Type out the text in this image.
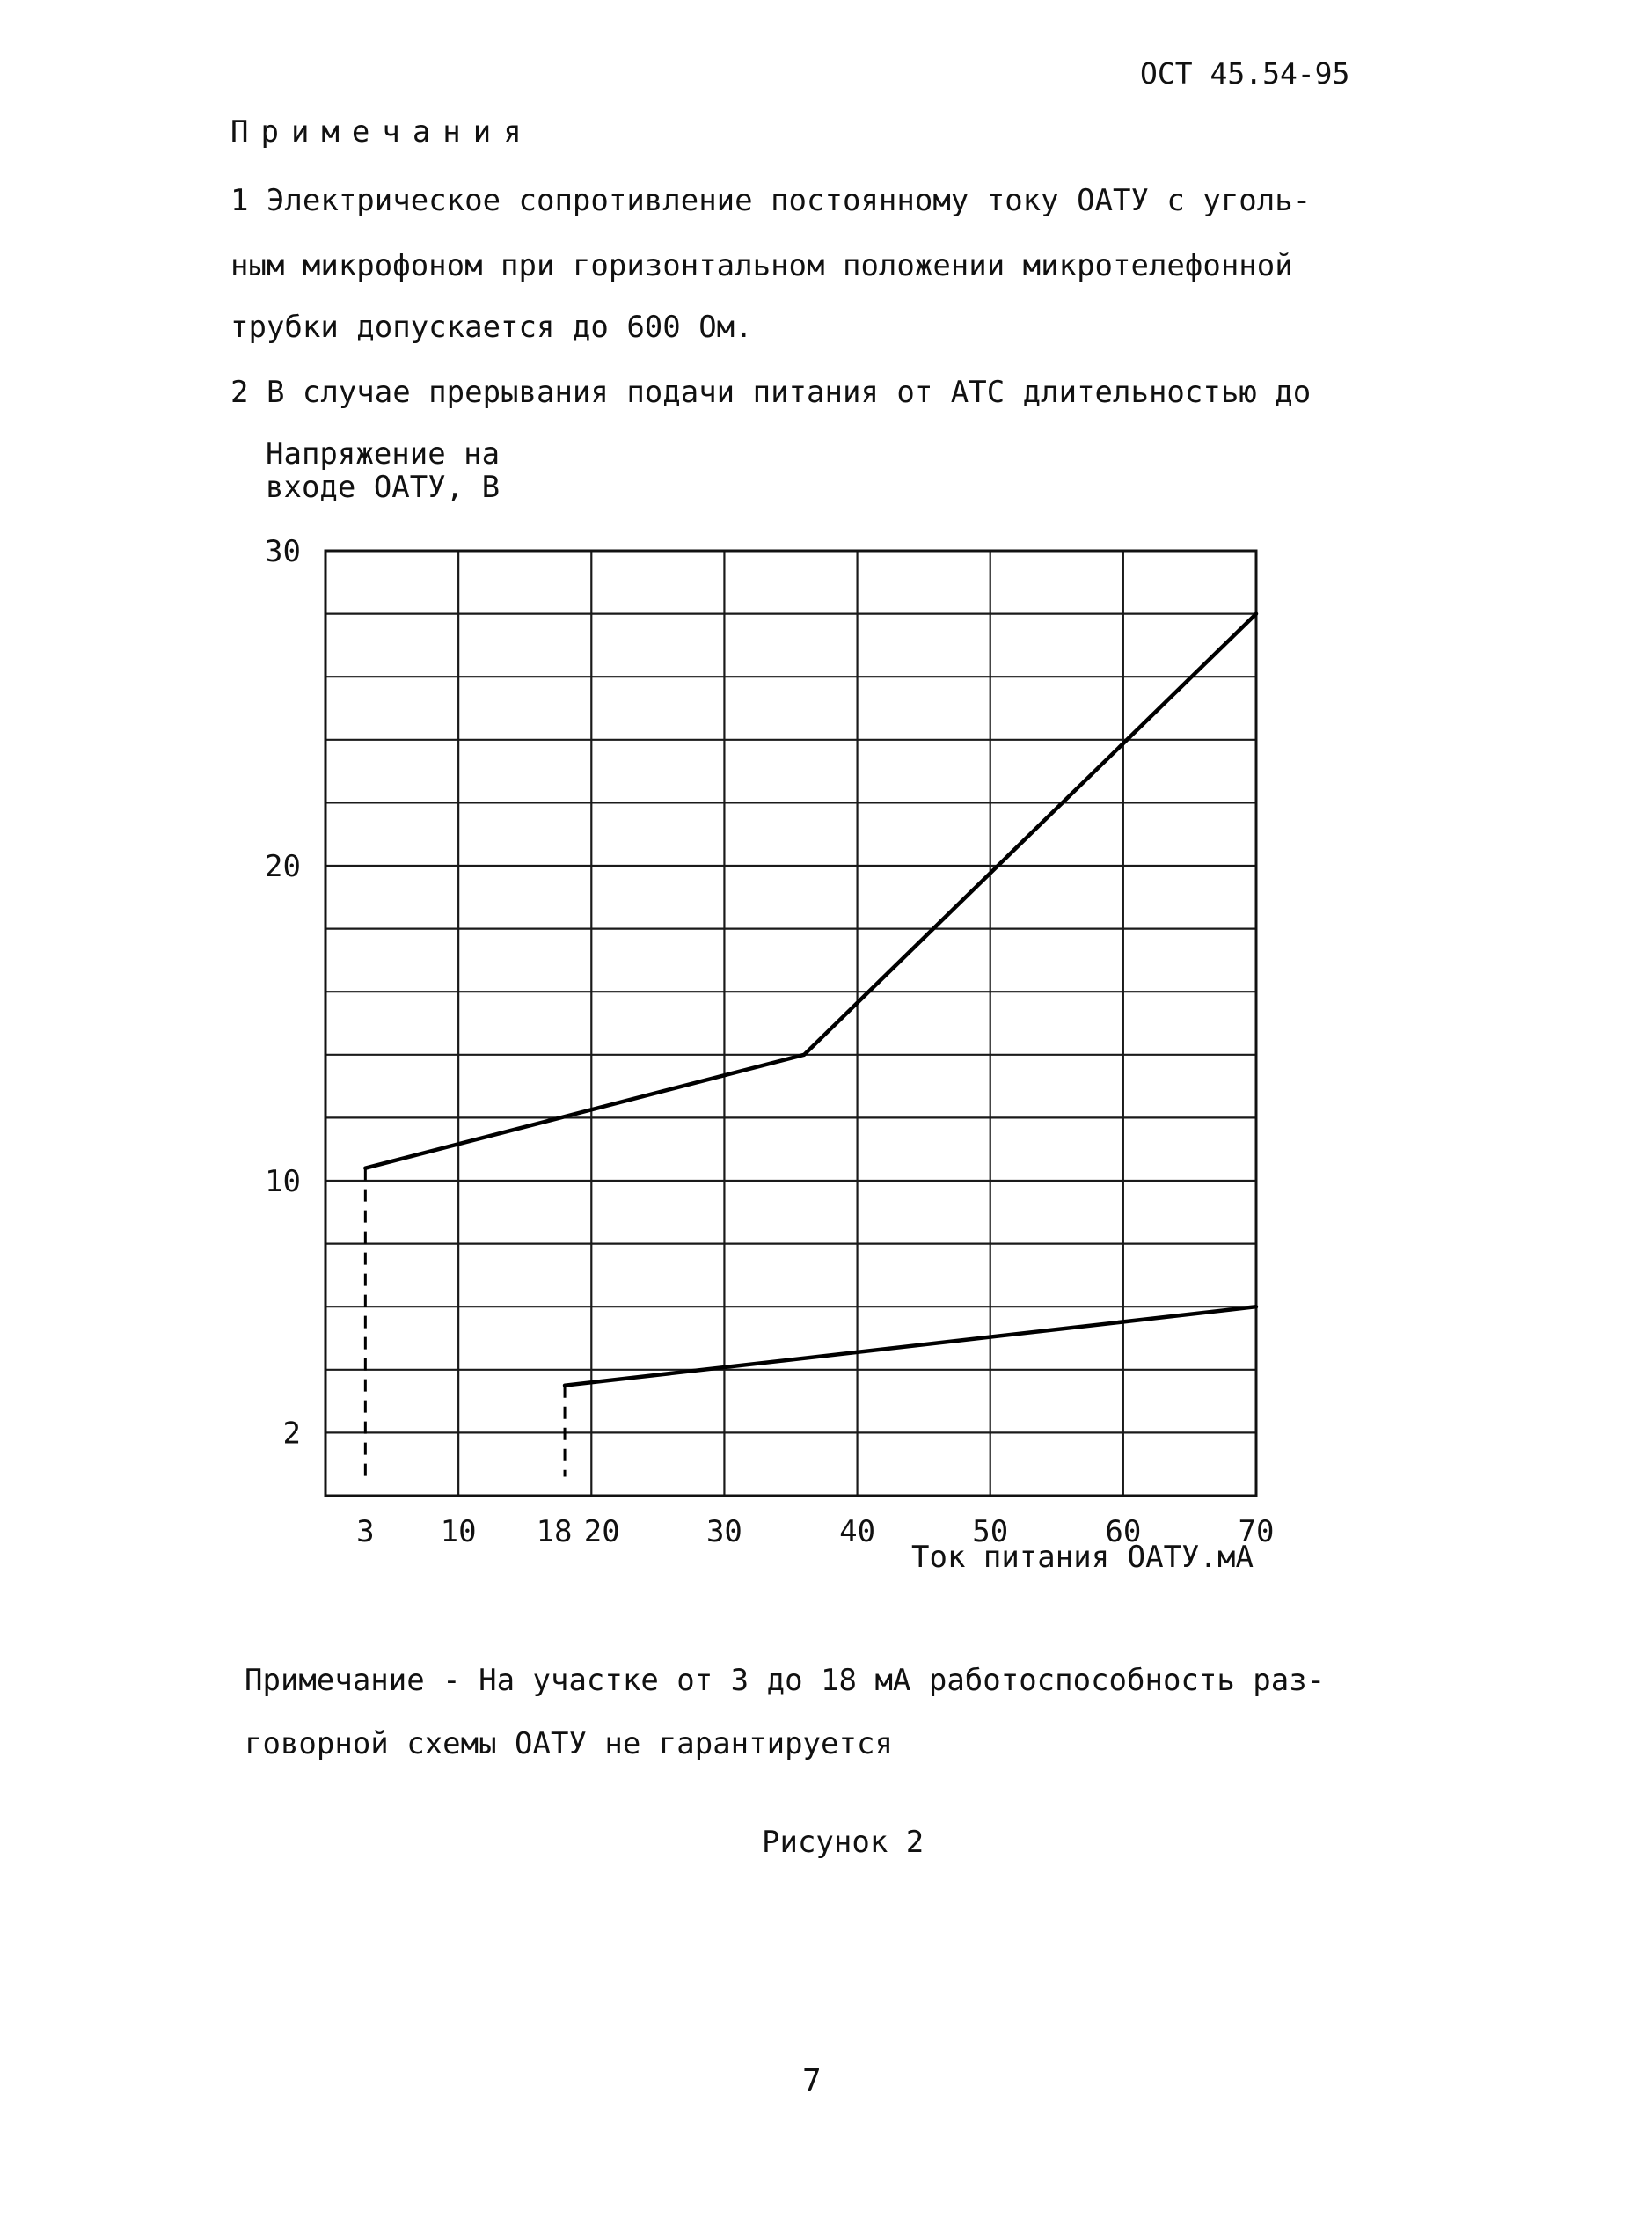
ОСТ 45.54-95
Примечания
1 Электрическое сопротивление постоянному току ОАТУ с уголь-
ным микрофоном при горизонтальном положении микротелефонной
трубки допускается до 600 Ом.
2 В случае прерывания подачи питания от АТС длительностью до
Напряжение на
входе ОАТУ, В
30
20
10
2
3 10 18 20	30	40	50	60	70
Ток питания ОАТУ.мА
Примечание - На участке от 3 до 18 мА работоспособность раз-
говорной схемы ОАТУ не гарантируется
Рисунок 2
7
